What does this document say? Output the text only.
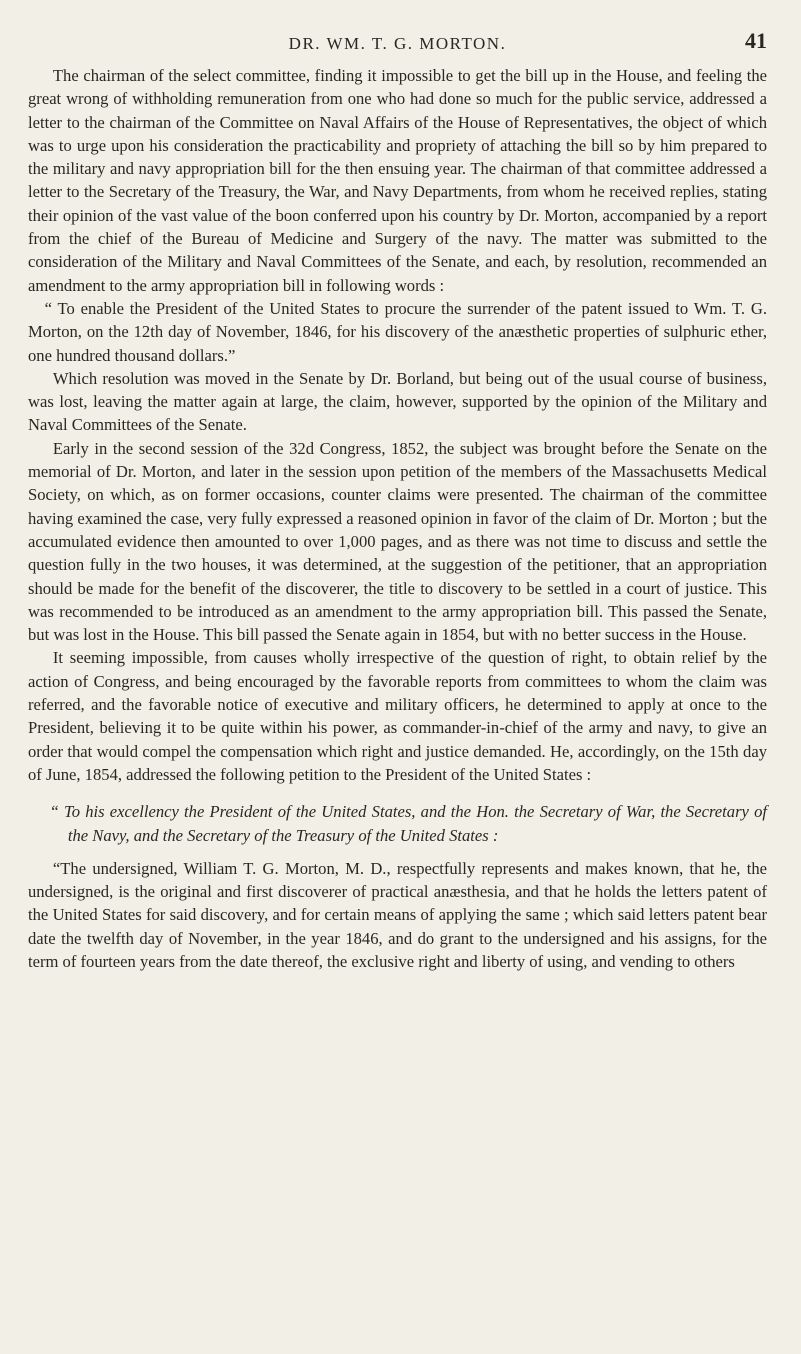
DR. WM. T. G. MORTON.	41

The chairman of the select committee, finding it impossible to get the bill up in the House, and feeling the great wrong of withholding remuneration from one who had done so much for the public service, addressed a letter to the chairman of the Committee on Naval Affairs of the House of Representatives, the object of which was to urge upon his consideration the practicability and propriety of attaching the bill so by him prepared to the military and navy appropriation bill for the then ensuing year. The chairman of that committee addressed a letter to the Secretary of the Treasury, the War, and Navy Departments, from whom he received replies, stating their opinion of the vast value of the boon conferred upon his country by Dr. Morton, accompanied by a report from the chief of the Bureau of Medicine and Surgery of the navy. The matter was submitted to the consideration of the Military and Naval Committees of the Senate, and each, by resolution, recommended an amendment to the army appropriation bill in following words :

“ To enable the President of the United States to procure the surrender of the patent issued to Wm. T. G. Morton, on the 12th day of November, 1846, for his discovery of the anæsthetic properties of sulphuric ether, one hundred thousand dollars.”

Which resolution was moved in the Senate by Dr. Borland, but being out of the usual course of business, was lost, leaving the matter again at large, the claim, however, supported by the opinion of the Military and Naval Committees of the Senate.

Early in the second session of the 32d Congress, 1852, the subject was brought before the Senate on the memorial of Dr. Morton, and later in the session upon petition of the members of the Massachusetts Medical Society, on which, as on former occasions, counter claims were presented. The chairman of the committee having examined the case, very fully expressed a reasoned opinion in favor of the claim of Dr. Morton ; but the accumulated evidence then amounted to over 1,000 pages, and as there was not time to discuss and settle the question fully in the two houses, it was determined, at the suggestion of the petitioner, that an appropriation should be made for the benefit of the discoverer, the title to discovery to be settled in a court of justice. This was recommended to be introduced as an amendment to the army appropriation bill. This passed the Senate, but was lost in the House. This bill passed the Senate again in 1854, but with no better success in the House.

It seeming impossible, from causes wholly irrespective of the question of right, to obtain relief by the action of Congress, and being encouraged by the favorable reports from committees to whom the claim was referred, and the favorable notice of executive and military officers, he determined to apply at once to the President, believing it to be quite within his power, as commander-in-chief of the army and navy, to give an order that would compel the compensation which right and justice demanded. He, accordingly, on the 15th day of June, 1854, addressed the following petition to the President of the United States :

“ To his excellency the President of the United States, and the Hon. the Secretary of War, the Secretary of the Navy, and the Secretary of the Treasury of the United States :

“The undersigned, William T. G. Morton, M. D., respectfully represents and makes known, that he, the undersigned, is the original and first discoverer of practical anæsthesia, and that he holds the letters patent of the United States for said discovery, and for certain means of applying the same ; which said letters patent bear date the twelfth day of November, in the year 1846, and do grant to the undersigned and his assigns, for the term of fourteen years from the date thereof, the exclusive right and liberty of using, and vending to others
